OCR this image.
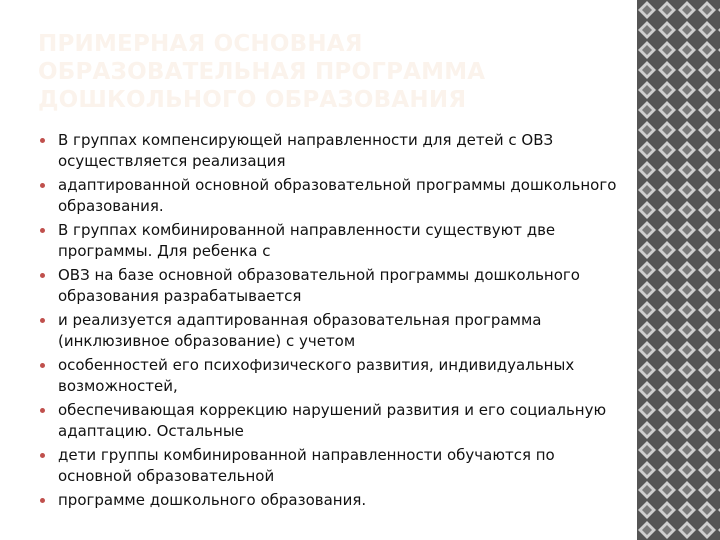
ПРИМЕРНАЯ ОСНОВНАЯ
ОБРАЗОВАТЕЛЬНАЯ ПРОГРАММА
ДОШКОЛЬНОГО ОБРАЗОВАНИЯ
В группах компенсирующей направленности для детей с ОВЗ осуществляется реализация
адаптированной основной образовательной программы дошкольного образования.
В группах комбинированной направленности существуют две программы. Для ребенка с
ОВЗ на базе основной образовательной программы дошкольного образования разрабатывается
и реализуется адаптированная образовательная программа (инклюзивное образование) с учетом
особенностей его психофизического развития, индивидуальных возможностей,
обеспечивающая коррекцию нарушений развития и его социальную адаптацию. Остальные
дети группы комбинированной направленности обучаются по основной образовательной
программе дошкольного образования.
